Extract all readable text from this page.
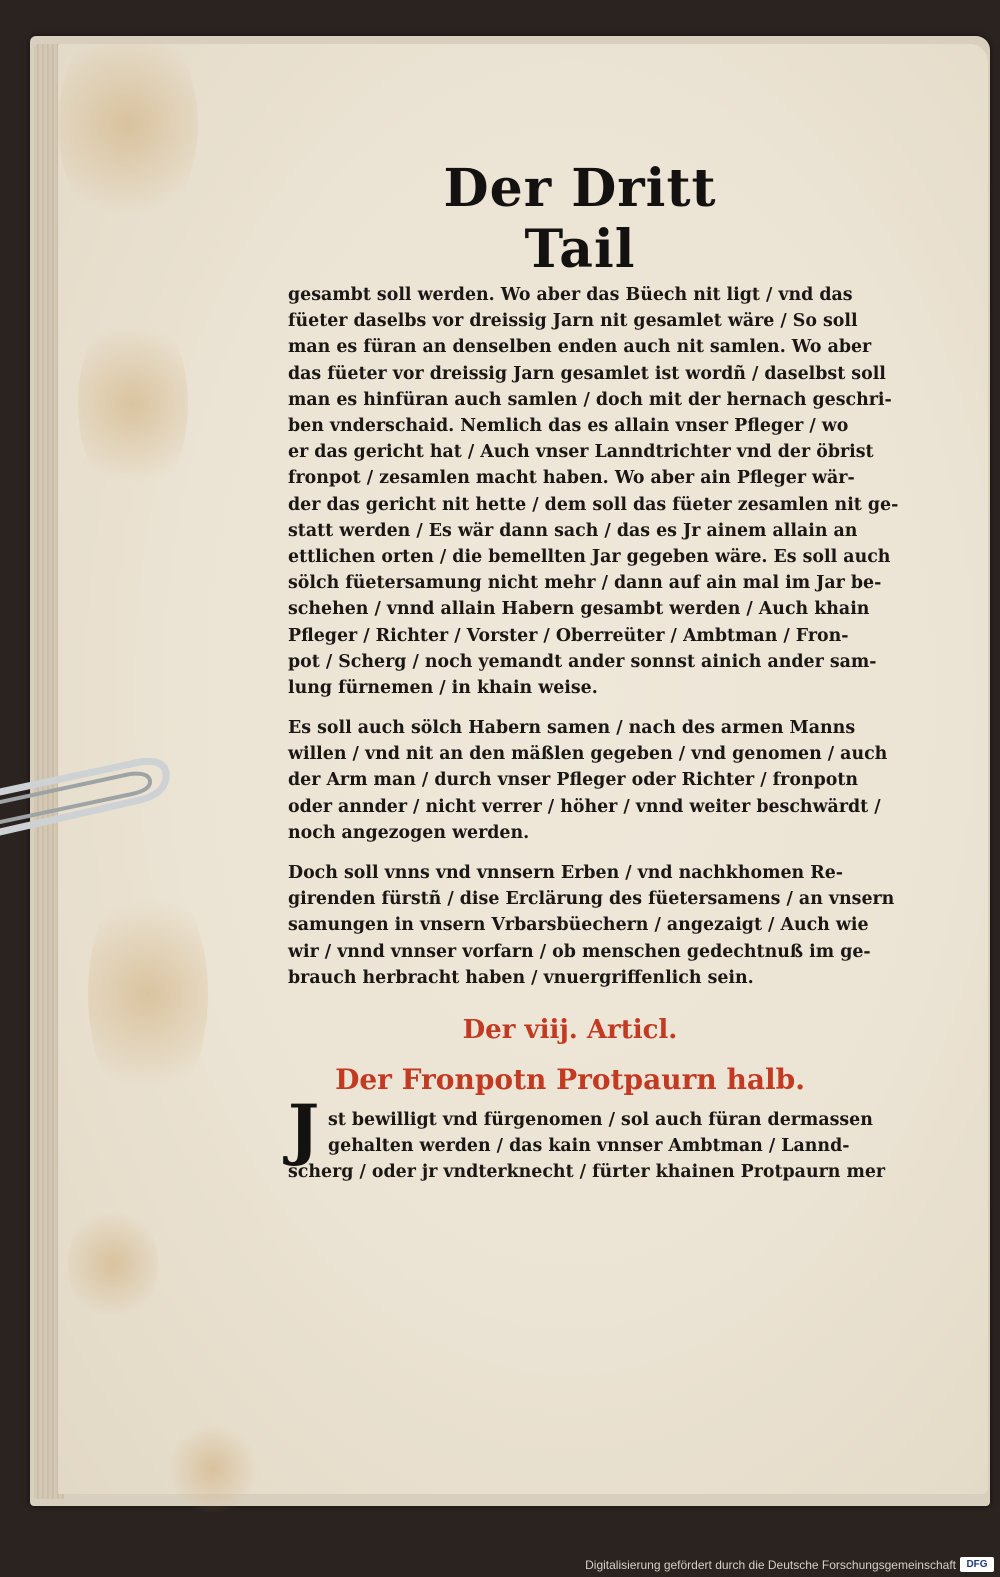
Der Dritt Tail
gesambt soll werden. Wo aber das Büech nit ligt / vnd das
füeter daselbs vor dreissig Jarn nit gesamlet wäre / So soll
man es füran an denselben enden auch nit samlen. Wo aber
das füeter vor dreissig Jarn gesamlet ist wordñ / daselbst soll
man es hinfüran auch samlen / doch mit der hernach geschri-
ben vnderschaid. Nemlich das es allain vnser Pfleger / wo
er das gericht hat / Auch vnser Lanndtrichter vnd der öbrist
fronpot / zesamlen macht haben. Wo aber ain Pfleger wär-
der das gericht nit hette / dem soll das füeter zesamlen nit ge-
statt werden / Es wär dann sach / das es Jr ainem allain an
ettlichen orten / die bemellten Jar gegeben wäre. Es soll auch
sölch füetersamung nicht mehr / dann auf ain mal im Jar be-
schehen / vnnd allain Habern gesambt werden / Auch khain
Pfleger / Richter / Vorster / Oberreüter / Ambtman / Fron-
pot / Scherg / noch yemandt ander sonnst ainich ander sam-
lung fürnemen / in khain weise.
Es soll auch sölch Habern samen / nach des armen Manns
willen / vnd nit an den mäßlen gegeben / vnd genomen / auch
der Arm man / durch vnser Pfleger oder Richter / fronpotn
oder annder / nicht verrer / höher / vnnd weiter beschwärdt /
noch angezogen werden.
Doch soll vnns vnd vnnsern Erben / vnd nachkhomen Re-
girenden fürstñ / dise Erclärung des füetersamens / an vnsern
samungen in vnsern Vrbarsbüechern / angezaigt / Auch wie
wir / vnnd vnnser vorfarn / ob menschen gedechtnuß im ge-
brauch herbracht haben / vnuergriffenlich sein.
Der viij. Articl.
Der Fronpotn Protpaurn halb.
J st bewilligt vnd fürgenomen / sol auch füran dermassen
gehalten werden / das kain vnnser Ambtman / Lannd-
scherg / oder jr vndterknecht / fürter khainen Protpaurn mer
Digitalisierung gefördert durch die Deutsche Forschungsgemeinschaft	DFG
